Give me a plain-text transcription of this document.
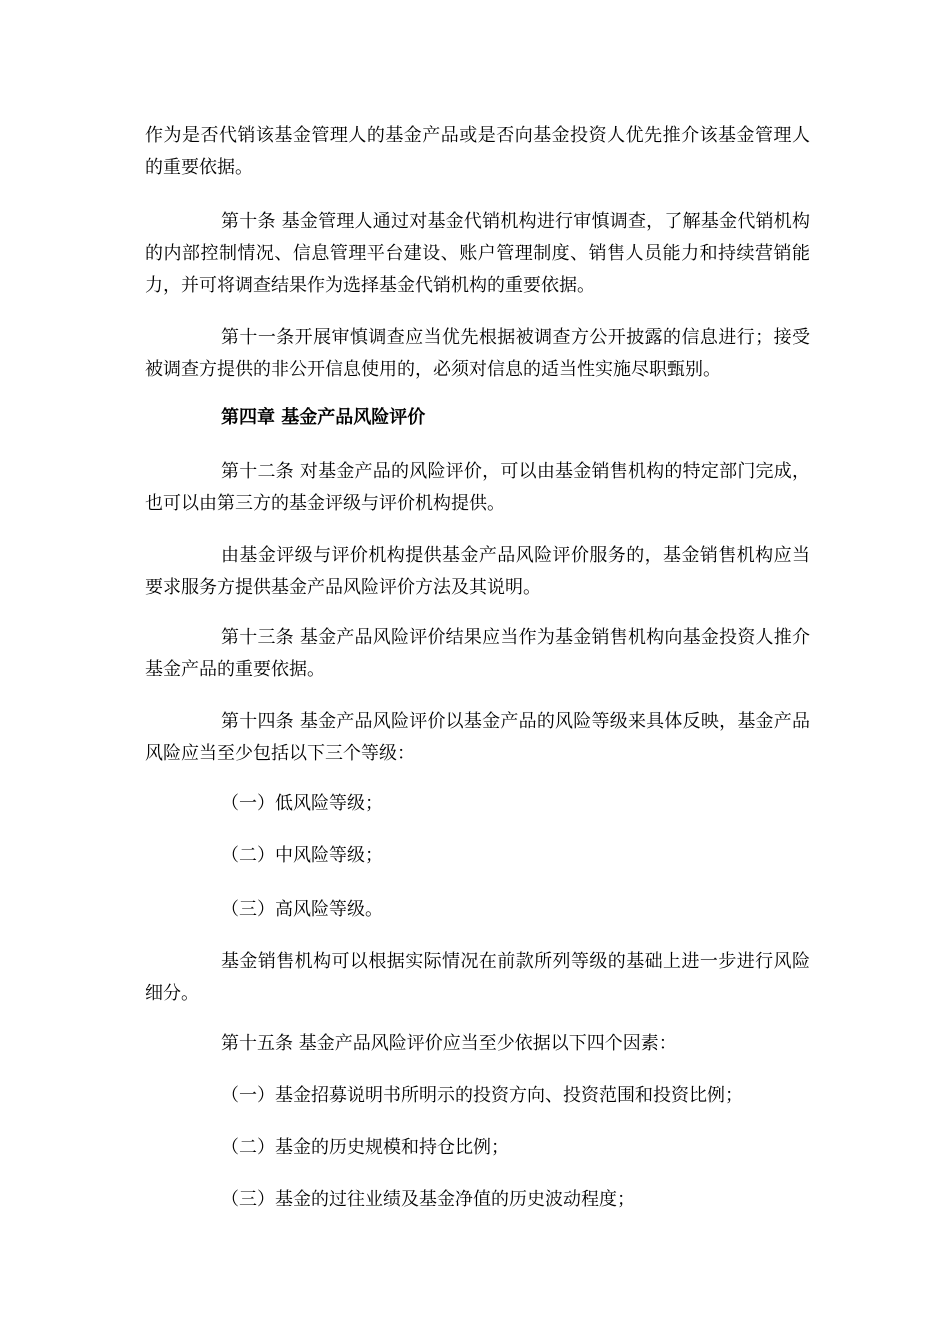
作为是否代销该基金管理人的基金产品或是否向基金投资人优先推介该基金管理人的重要依据。

第十条 基金管理人通过对基金代销机构进行审慎调查，了解基金代销机构的内部控制情况、信息管理平台建设、账户管理制度、销售人员能力和持续营销能力，并可将调查结果作为选择基金代销机构的重要依据。

第十一条开展审慎调查应当优先根据被调查方公开披露的信息进行；接受被调查方提供的非公开信息使用的，必须对信息的适当性实施尽职甄别。

第四章 基金产品风险评价

第十二条 对基金产品的风险评价，可以由基金销售机构的特定部门完成，也可以由第三方的基金评级与评价机构提供。

由基金评级与评价机构提供基金产品风险评价服务的，基金销售机构应当要求服务方提供基金产品风险评价方法及其说明。

第十三条 基金产品风险评价结果应当作为基金销售机构向基金投资人推介基金产品的重要依据。

第十四条 基金产品风险评价以基金产品的风险等级来具体反映，基金产品风险应当至少包括以下三个等级：

（一）低风险等级；

（二）中风险等级；

（三）高风险等级。

基金销售机构可以根据实际情况在前款所列等级的基础上进一步进行风险细分。

第十五条 基金产品风险评价应当至少依据以下四个因素：

（一）基金招募说明书所明示的投资方向、投资范围和投资比例；

（二）基金的历史规模和持仓比例；

（三）基金的过往业绩及基金净值的历史波动程度；
